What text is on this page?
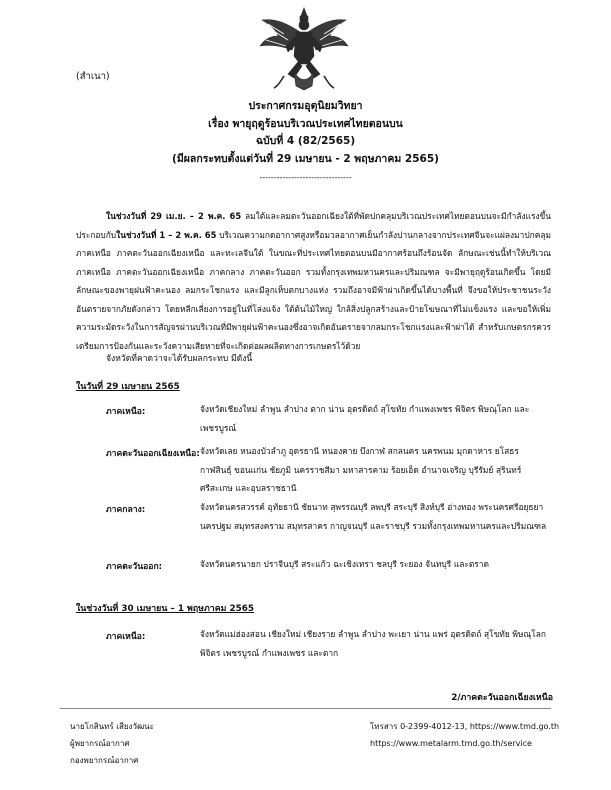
(สำเนา)
ประกาศกรมอุตุนิยมวิทยา
เรื่อง พายุฤดูร้อนบริเวณประเทศไทยตอนบน
ฉบับที่ 4 (82/2565)
(มีผลกระทบตั้งแต่วันที่ 29 เมษายน - 2 พฤษภาคม 2565)
--------------------------------
ในช่วงวันที่ 29 เม.ย. – 2 พ.ค. 65 ลมใต้และลมตะวันออกเฉียงใต้ที่พัดปกคลุมบริเวณประเทศไทยตอนบนจะมีกำลังแรงขึ้น ประกอบกับในช่วงวันที่ 1 – 2 พ.ค. 65 บริเวณความกดอากาศสูงหรือมวลอากาศเย็นกำลังปานกลางจากประเทศจีนจะแผ่ลงมาปกคลุมภาคเหนือ ภาคตะวันออกเฉียงเหนือ และทะเลจีนใต้ ในขณะที่ประเทศไทยตอนบนมีอากาศร้อนถึงร้อนจัด ลักษณะเช่นนี้ทำให้บริเวณภาคเหนือ ภาคตะวันออกเฉียงเหนือ ภาคกลาง ภาคตะวันออก รวมทั้งกรุงเทพมหานครและปริมณฑล จะมีพายุฤดูร้อนเกิดขึ้น โดยมีลักษณะของพายุฝนฟ้าคะนอง ลมกระโชกแรง และมีลูกเห็บตกบางแห่ง รวมถึงอาจมีฟ้าผ่าเกิดขึ้นได้บางพื้นที่ จึงขอให้ประชาชนระวังอันตรายจากภัยดังกล่าว โดยหลีกเลี่ยงการอยู่ในที่โล่งแจ้ง ใต้ต้นไม้ใหญ่ ใกล้สิ่งปลูกสร้างและป้ายโฆษณาที่ไม่แข็งแรง และขอให้เพิ่มความระมัดระวังในการสัญจรผ่านบริเวณที่มีพายุฝนฟ้าคะนองซึ่งอาจเกิดอันตรายจากลมกระโชกแรงและฟ้าผ่าได้ สำหรับเกษตรกรควรเตรียมการป้องกันและระวังความเสียหายที่จะเกิดต่อผลผลิตทางการเกษตรไว้ด้วย
จังหวัดที่คาดว่าจะได้รับผลกระทบ มีดังนี้
ในวันที่ 29 เมษายน 2565
ภาคเหนือ:	จังหวัดเชียงใหม่ ลำพูน ลำปาง ตาก น่าน อุตรดิตถ์ สุโขทัย กำแพงเพชร พิจิตร พิษณุโลก และเพชรบูรณ์
ภาคตะวันออกเฉียงเหนือ: จังหวัดเลย หนองบัวลำภู อุดรธานี หนองคาย บึงกาฬ สกลนคร นครพนม มุกดาหาร ยโสธร กาฬสินธุ์ ขอนแก่น ชัยภูมิ นครราชสีมา มหาสารคาม ร้อยเอ็ด อำนาจเจริญ บุรีรัมย์ สุรินทร์ ศรีสะเกษ และอุบลราชธานี
ภาคกลาง:	จังหวัดนครสวรรค์ อุทัยธานี ชัยนาท สุพรรณบุรี ลพบุรี สระบุรี สิงห์บุรี อ่างทอง พระนครศรีอยุธยา นครปฐม สมุทรสงคราม สมุทรสาคร กาญจนบุรี และราชบุรี รวมทั้งกรุงเทพมหานครและปริมณฑล
ภาคตะวันออก:	จังหวัดนครนายก ปราจีนบุรี สระแก้ว ฉะเชิงเทรา ชลบุรี ระยอง จันทบุรี และตราด
ในช่วงวันที่ 30 เมษายน – 1 พฤษภาคม 2565
ภาคเหนือ:	จังหวัดแม่ฮ่องสอน เชียงใหม่ เชียงราย ลำพูน ลำปาง พะเยา น่าน แพร่ อุตรดิตถ์ สุโขทัย พิษณุโลก พิจิตร เพชรบูรณ์ กำแพงเพชร และตาก
2/ภาคตะวันออกเฉียงเหนือ
นายโกสินทร์ เสียงวัฒนะ
ผู้พยากรณ์อากาศ
กองพยากรณ์อากาศ
โทรสาร 0-2399-4012-13, https://www.tmd.go.th
https://www.metalarm.tmd.go.th/service
